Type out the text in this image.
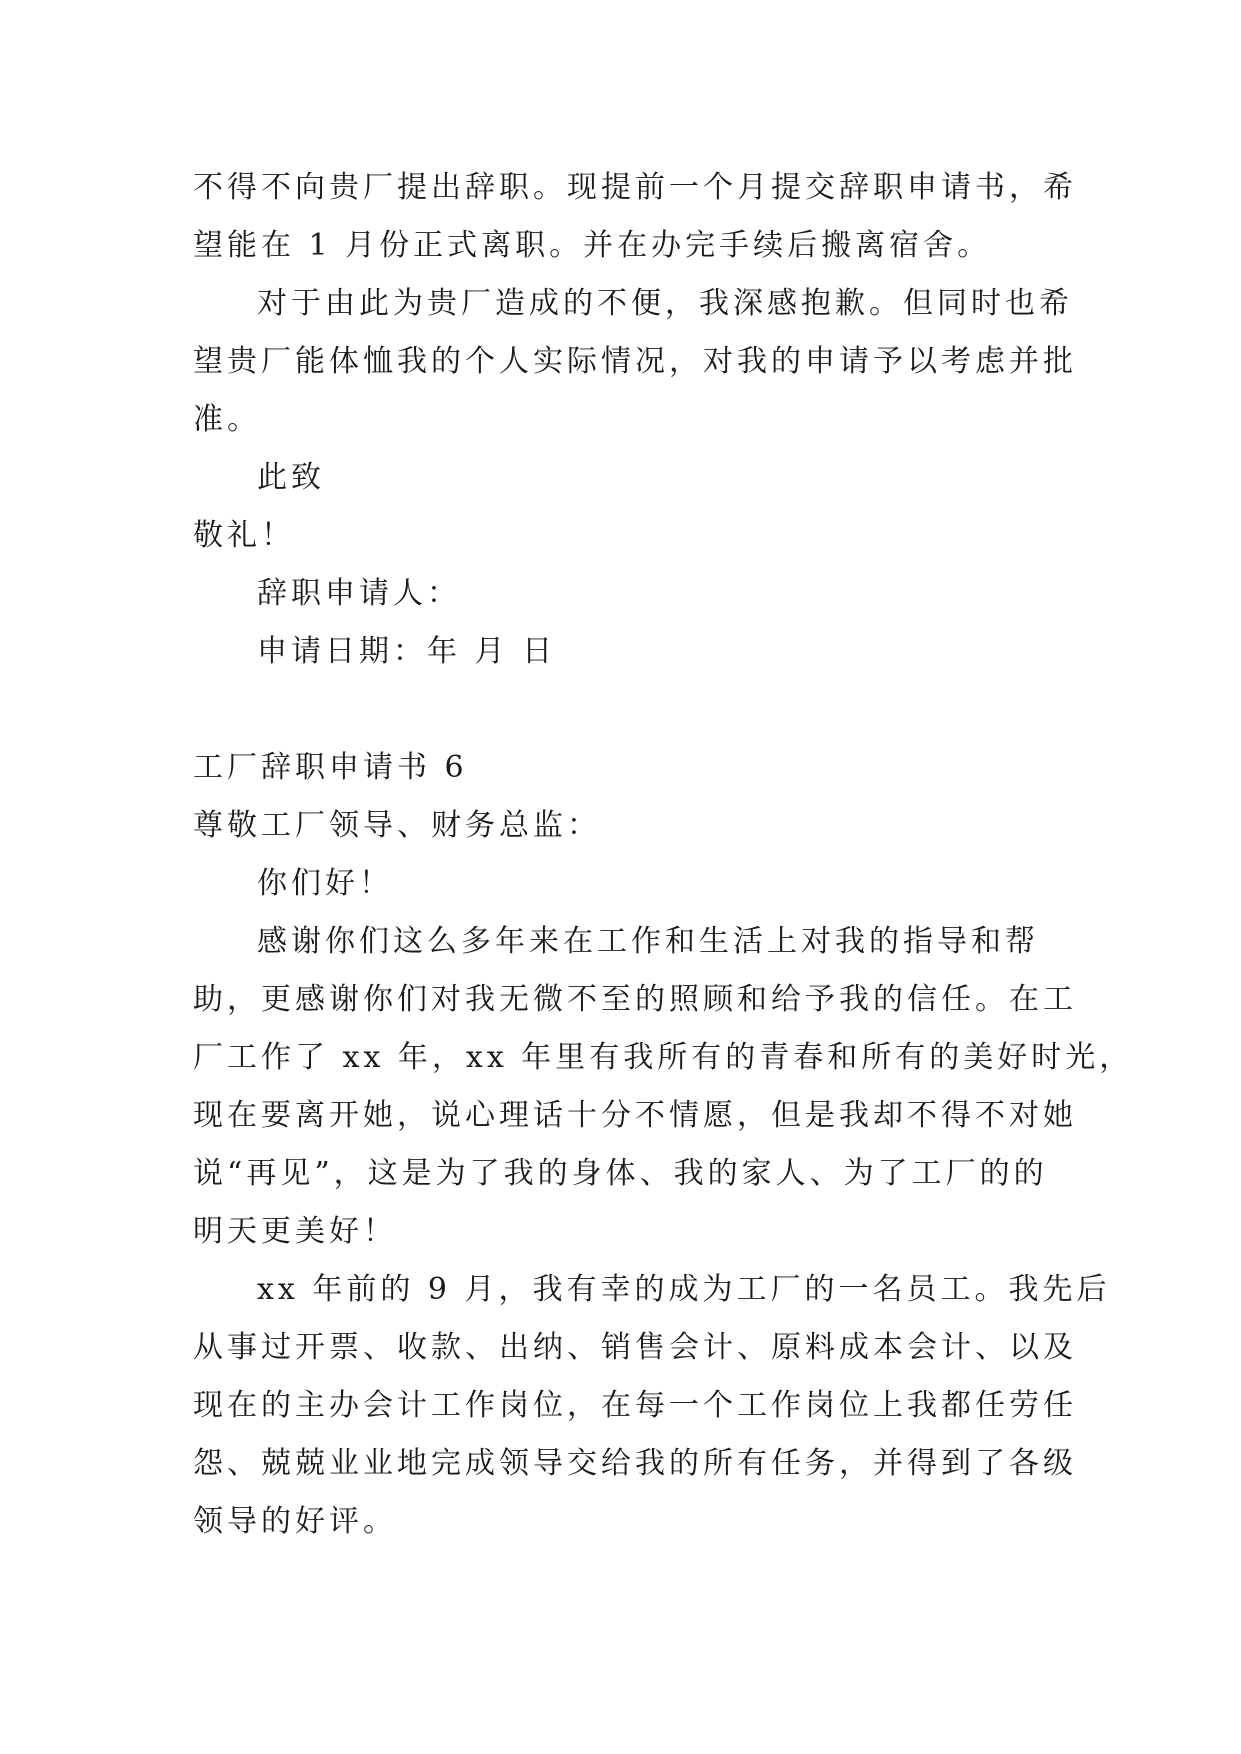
不得不向贵厂提出辞职。现提前一个月提交辞职申请书，希
望能在 1 月份正式离职。并在办完手续后搬离宿舍。
对于由此为贵厂造成的不便，我深感抱歉。但同时也希
望贵厂能体恤我的个人实际情况，对我的申请予以考虑并批
准。
此致
敬礼！
辞职申请人：
申请日期：年 月 日
工厂辞职申请书 6
尊敬工厂领导、财务总监：
你们好！
感谢你们这么多年来在工作和生活上对我的指导和帮
助，更感谢你们对我无微不至的照顾和给予我的信任。在工
厂工作了 xx 年，xx 年里有我所有的青春和所有的美好时光，
现在要离开她，说心理话十分不情愿，但是我却不得不对她
说“再见”，这是为了我的身体、我的家人、为了工厂的的
明天更美好！
xx 年前的 9 月，我有幸的成为工厂的一名员工。我先后
从事过开票、收款、出纳、销售会计、原料成本会计、以及
现在的主办会计工作岗位，在每一个工作岗位上我都任劳任
怨、兢兢业业地完成领导交给我的所有任务，并得到了各级
领导的好评。
